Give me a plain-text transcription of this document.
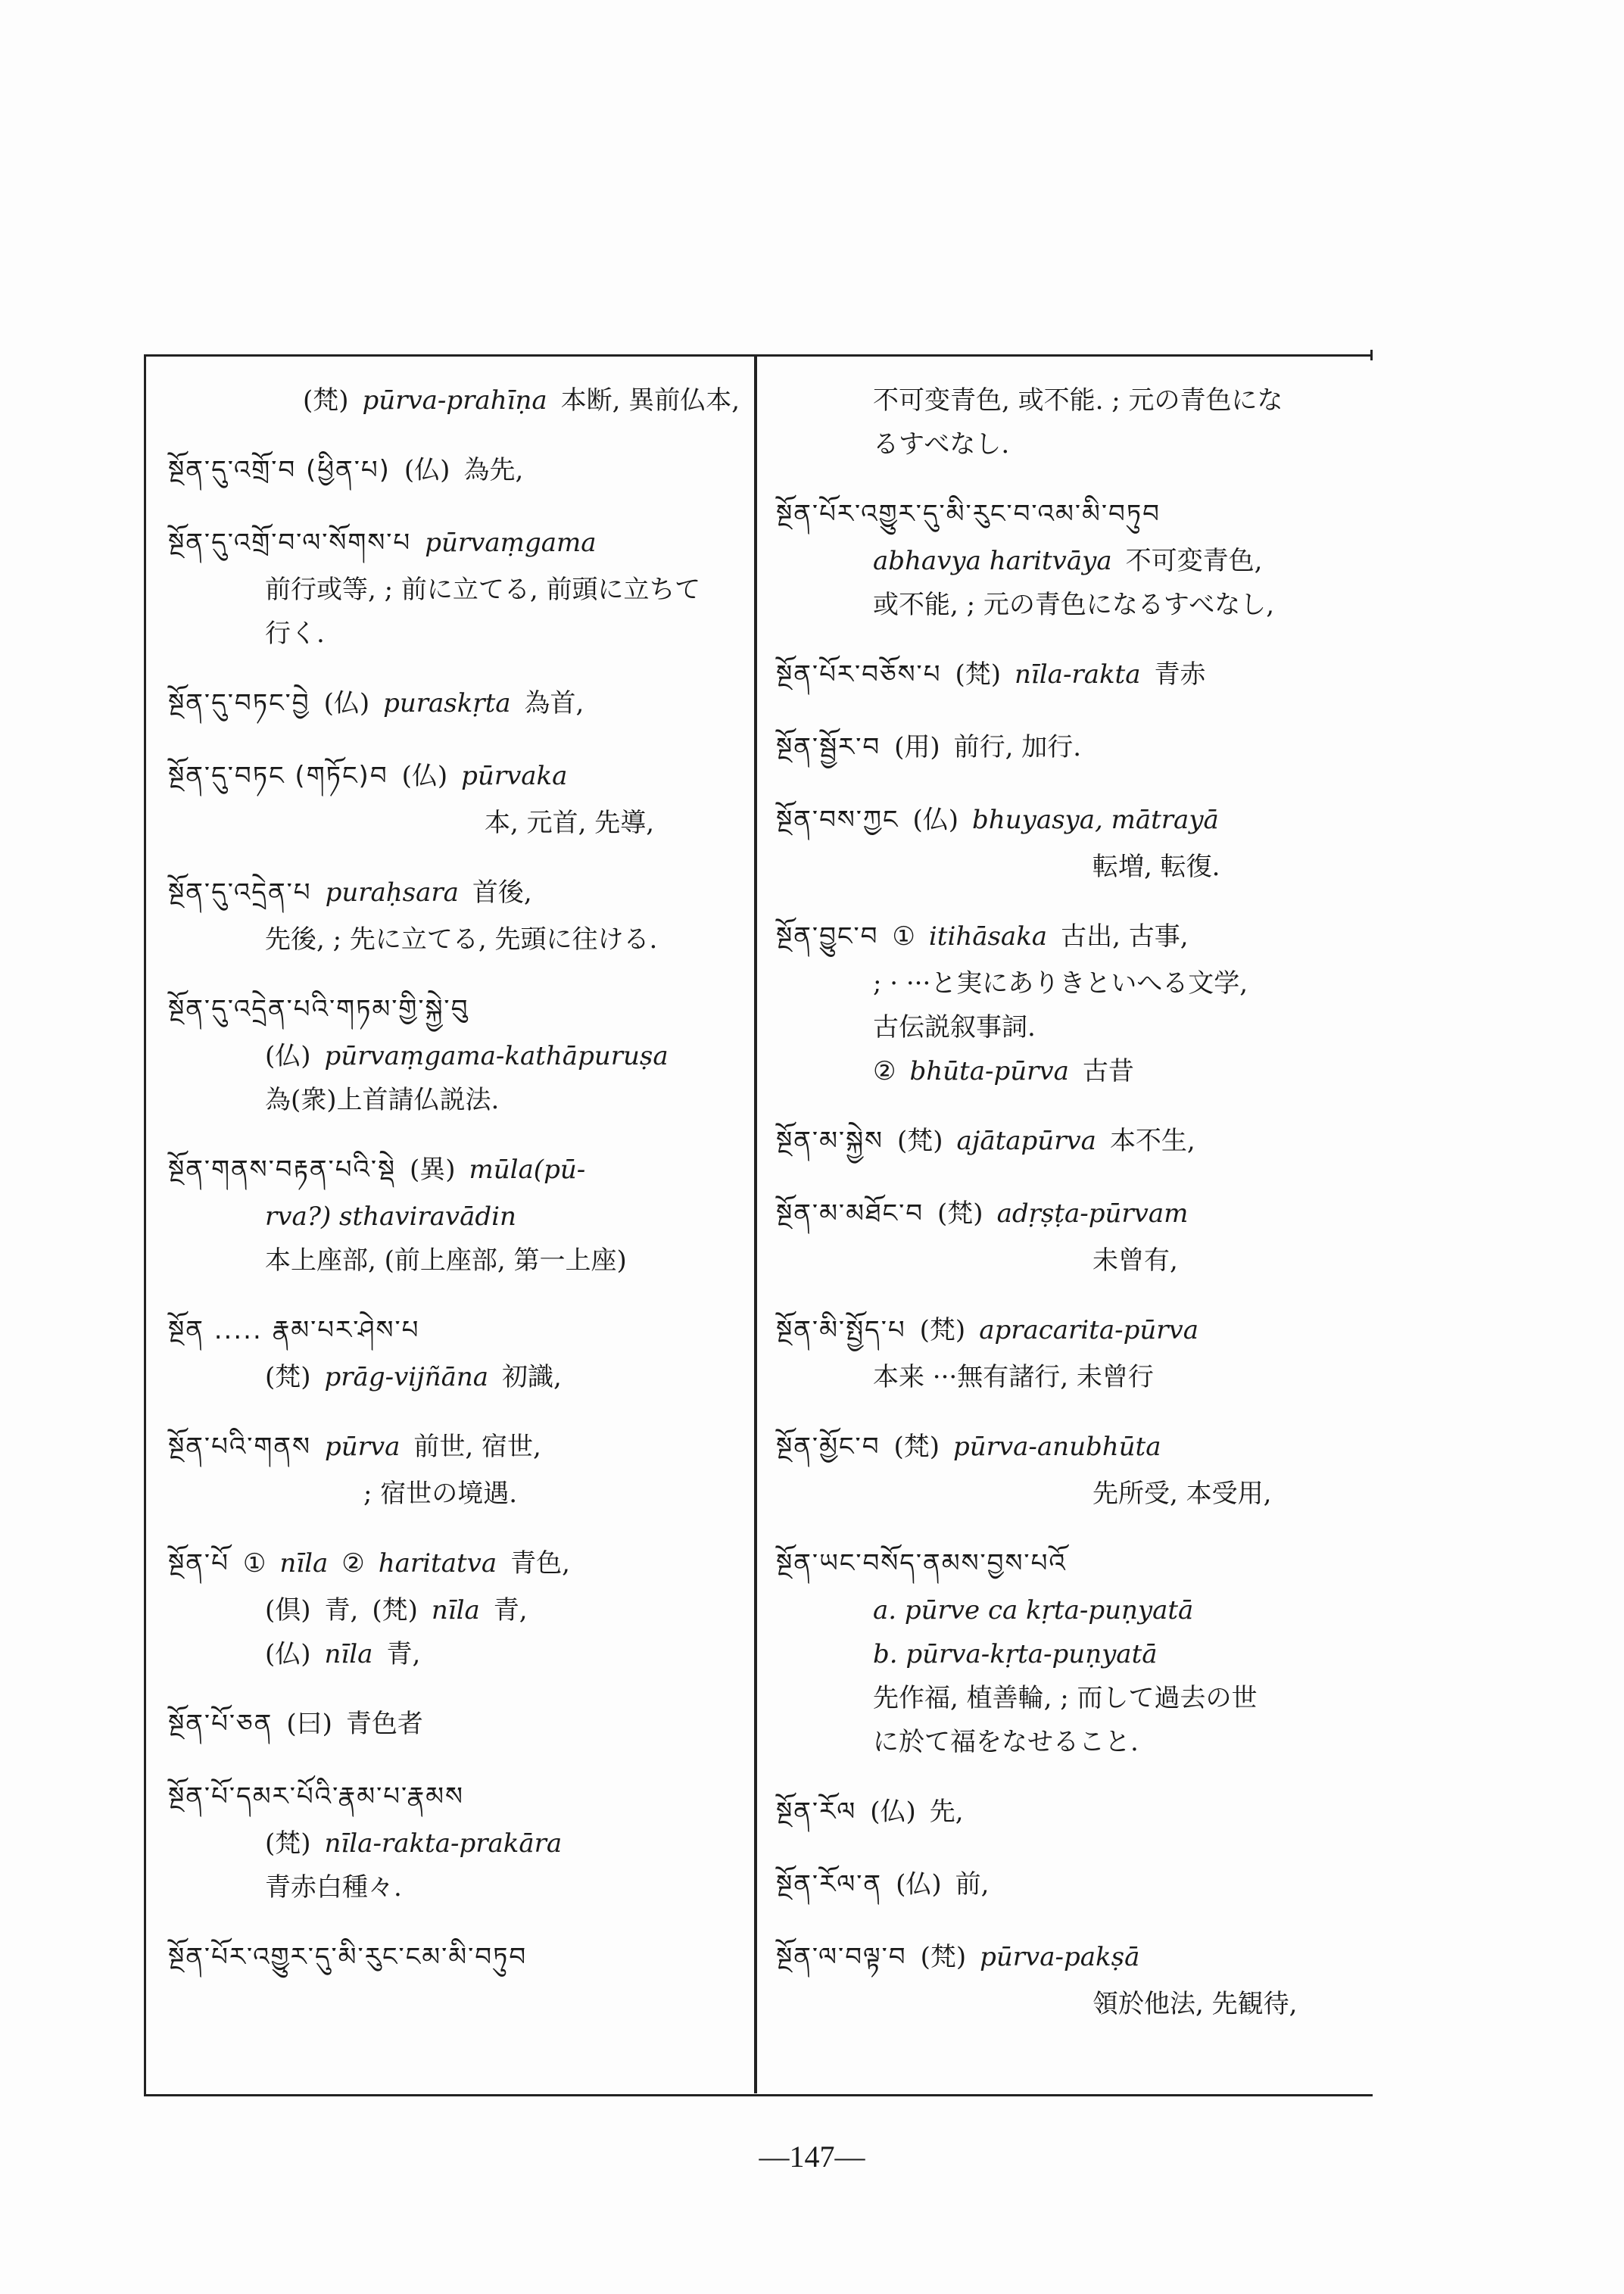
(梵) pūrva-prahīṇa 本断, 異前仏本,
སྔོན་དུ་འགྲོ་བ (ཕྱིན་པ) (仏) 為先,
སྔོན་དུ་འགྲོ་བ་ལ་སོགས་པ pūrvaṃgama
前行或等, ; 前に立てる, 前頭に立ちて
行く.
སྔོན་དུ་བཏང་བྱེ (仏) puraskṛta 為首,
སྔོན་དུ་བཏང (གཏོང)བ (仏) pūrvaka
本, 元首, 先導,
སྔོན་དུ་འདྲེན་པ puraḥsara 首後,
先後, ; 先に立てる, 先頭に往ける.
སྔོན་དུ་འདྲེན་པའི་གཏམ་གྱི་སྐྱེ་བུ
(仏) pūrvaṃgama-kathāpuruṣa
為(衆)上首請仏説法.
སྔོན་གནས་བརྟན་པའི་སྡེ (異) mūla(pū-
rva?) sthaviravādin
本上座部, (前上座部, 第一上座)
སྔོན ..... རྣམ་པར་ཤེས་པ
(梵) prāg-vijñāna 初識,
སྔོན་པའི་གནས pūrva 前世, 宿世,
; 宿世の境遇.
སྔོན་པོ ① nīla ② haritatva 青色,
(倶) 青, (梵) nīla 青,
(仏) nīla 青,
སྔོན་པོ་ཅན (曰) 青色者
སྔོན་པོ་དམར་པོའི་རྣམ་པ་རྣམས
(梵) nīla-rakta-prakāra
青赤白種々.
སྔོན་པོར་འགྱུར་དུ་མི་རུང་ངམ་མི་བཏུབ
不可变青色, 或不能. ; 元の青色にな
るすべなし.
སྔོན་པོར་འགྱུར་དུ་མི་རུང་བ་འམ་མི་བཏུབ
abhavya haritvāya 不可変青色,
或不能, ; 元の青色になるすべなし,
སྔོན་པོར་བཅོས་པ (梵) nīla-rakta 青赤
སྔོན་སྦྱོར་བ (用) 前行, 加行.
སྔོན་བས་ཀྱང (仏) bhuyasya, mātrayā
転増, 転復.
སྔོན་བྱུང་བ ① itihāsaka 古出, 古事,
; · ···と実にありきといへる文学,
古伝説叙事詞.
② bhūta-pūrva 古昔
སྔོན་མ་སྐྱེས (梵) ajātapūrva 本不生,
སྔོན་མ་མཐོང་བ (梵) adṛṣṭa-pūrvam
未曾有,
སྔོན་མི་སྤྱོད་པ (梵) apracarita-pūrva
本来 ···無有諸行, 未曾行
སྔོན་མྱོང་བ (梵) pūrva-anubhūta
先所受, 本受用,
སྔོན་ཡང་བསོད་ནམས་བྱས་པའོ
a. pūrve ca kṛta-puṇyatā
b. pūrva-kṛta-puṇyatā
先作福, 植善輪, ; 而して過去の世
に於て福をなせること.
སྔོན་རོལ (仏) 先,
སྔོན་རོལ་ན (仏) 前,
སྔོན་ལ་བལྟ་བ (梵) pūrva-pakṣā
領於他法, 先観待,
—147—
